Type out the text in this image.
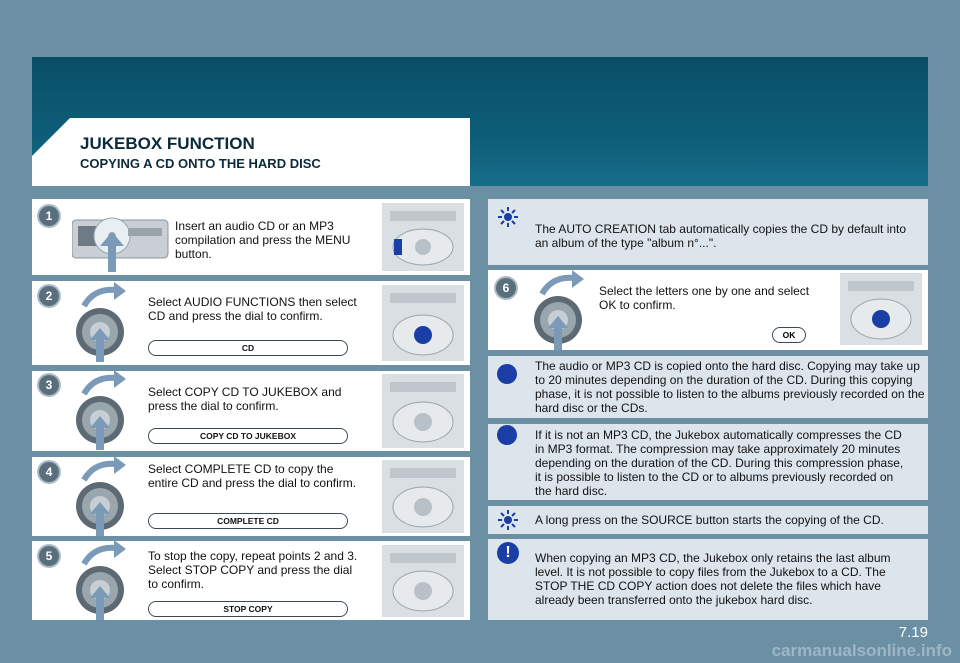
JUKEBOX FUNCTION
COPYING A CD ONTO THE HARD DISC
1
Insert an audio CD or an MP3 compilation and press the MENU button.
2	Select AUDIO FUNCTIONS then select CD and press the dial to confirm.
CD
3	Select COPY CD TO JUKEBOX and press the dial to confirm.
COPY CD TO JUKEBOX
4	Select COMPLETE CD to copy the entire CD and press the dial to confirm.
COMPLETE CD
5	To stop the copy, repeat points 2 and 3. Select STOP COPY and press the dial to confirm.
STOP COPY
The AUTO CREATION tab automatically copies the CD by default into an album of the type "album n°...".
6	Select the letters one by one and select OK to confirm.
OK
The audio or MP3 CD is copied onto the hard disc. Copying may take up to 20 minutes depending on the duration of the CD. During this copying phase, it is not possible to listen to the albums previously recorded on the hard disc or the CDs.
If it is not an MP3 CD, the Jukebox automatically compresses the CD in MP3 format. The compression may take approximately 20 minutes depending on the duration of the CD. During this compression phase, it is possible to listen to the CD or to albums previously recorded on the hard disc.
A long press on the SOURCE button starts the copying of the CD.
!	When copying an MP3 CD, the Jukebox only retains the last album level. It is not possible to copy files from the Jukebox to a CD. The STOP THE CD COPY action does not delete the files which have already been transferred onto the jukebox hard disc.
7.19
carmanualsonline.info
